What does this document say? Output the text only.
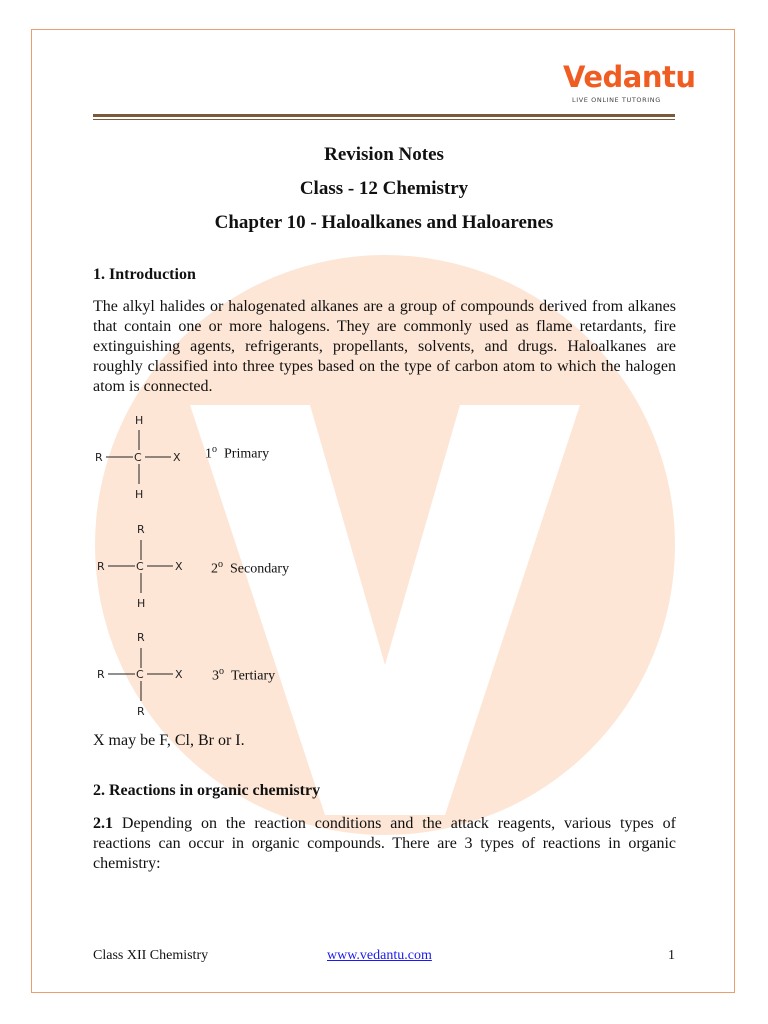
Vedantu
LIVE ONLINE TUTORING
Revision Notes
Class - 12 Chemistry
Chapter 10 - Haloalkanes and Haloarenes
1. Introduction

The alkyl halides or halogenated alkanes are a group of compounds derived from alkanes that contain one or more halogens. They are commonly used as flame retardants, fire extinguishing agents, refrigerants, propellants, solvents, and drugs. Haloalkanes are roughly classified into three types based on the type of carbon atom to which the halogen atom is connected.

H
R	C	X
H
1$^o$ Primary
R
R	C	X
H
2$^o$ Secondary
R
R	C	X
R
3$^o$ Tertiary
X may be F, Cl, Br or I.
2. Reactions in organic chemistry

2.1 Depending on the reaction conditions and the attack reagents, various types of reactions can occur in organic compounds. There are 3 types of reactions in organic chemistry:

Class XII Chemistry	www.vedantu.com	1
